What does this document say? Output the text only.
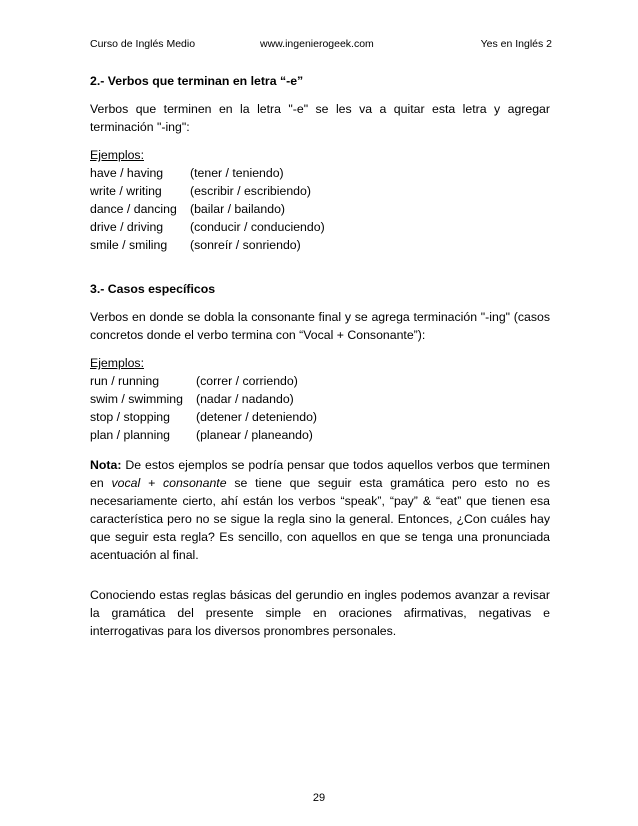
Curso de Inglés Medio	www.ingenierogeek.com	Yes en Inglés 2

2.- Verbos que terminan en letra “-e”

Verbos que terminen en la letra "-e" se les va a quitar esta letra y agregar terminación "-ing":

Ejemplos:

have / having	(tener / teniendo)
write / writing	(escribir / escribiendo)
dance / dancing	(bailar / bailando)
drive / driving	(conducir / conduciendo)
smile / smiling	(sonreír / sonriendo)

3.- Casos específicos

Verbos en donde se dobla la consonante final y se agrega terminación "-ing" (casos concretos donde el verbo termina con “Vocal + Consonante”):

Ejemplos:

run / running	(correr / corriendo)
swim / swimming	(nadar / nadando)
stop / stopping	(detener / deteniendo)
plan / planning	(planear / planeando)

Nota: De estos ejemplos se podría pensar que todos aquellos verbos que terminen en vocal + consonante se tiene que seguir esta gramática pero esto no es necesariamente cierto, ahí están los verbos “speak”, “pay” & “eat” que tienen esa característica pero no se sigue la regla sino la general. Entonces, ¿Con cuáles hay que seguir esta regla? Es sencillo, con aquellos en que se tenga una pronunciada acentuación al final.

Conociendo estas reglas básicas del gerundio en ingles podemos avanzar a revisar la gramática del presente simple en oraciones afirmativas, negativas e interrogativas para los diversos pronombres personales.

29
